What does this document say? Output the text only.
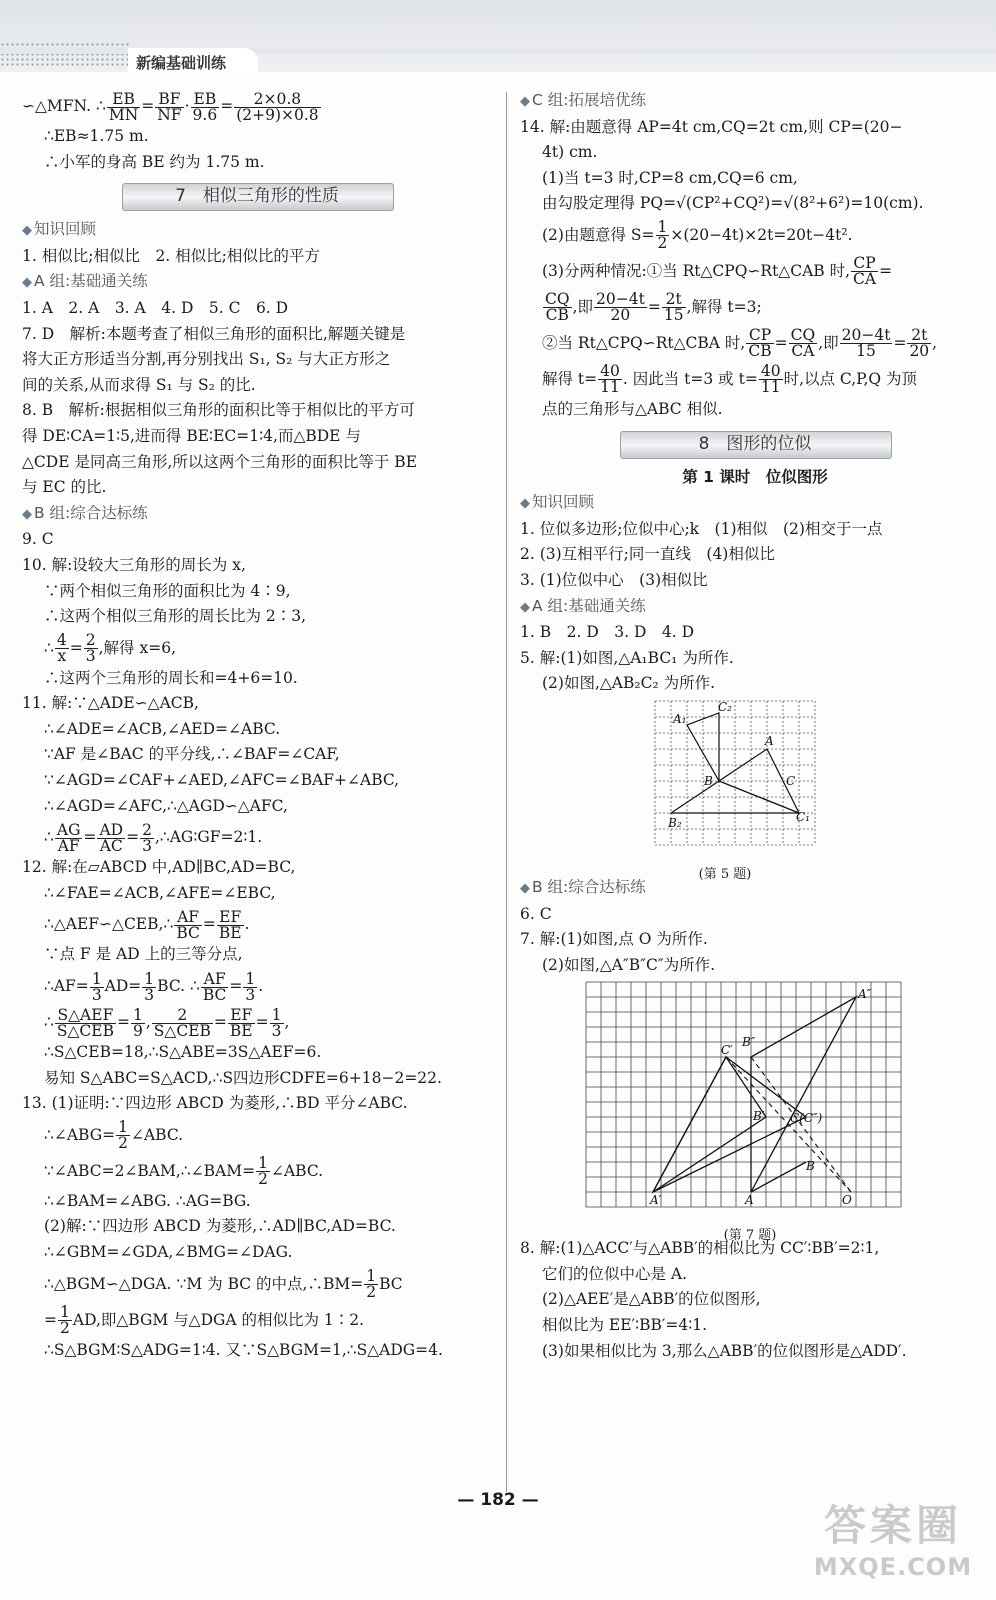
新编基础训练
∽△MFN. ∴ $\frac{EB}{MN} = \frac{BF}{NF} \cdot \frac{EB}{9.6} = \frac{2\times 0.8}{(2+9)\times 0.8}$
∴EB≈1.75 m.
∴小军的身高 BE 约为 1.75 m.
7　相似三角形的性质
◆ 知识回顾
1. 相似比;相似比　2. 相似比;相似比的平方
◆ A 组:基础通关练
1. A　2. A　3. A　4. D　5. C　6. D
7. D　解析:本题考查了相似三角形的面积比,解题关键是
将大正方形适当分割,再分别找出 S₁, S₂ 与大正方形之
间的关系,从而求得 S₁ 与 S₂ 的比.
8. B　解析:根据相似三角形的面积比等于相似比的平方可
得 DE∶CA=1∶5,进而得 BE∶EC=1∶4,而△BDE 与
△CDE 是同高三角形,所以这两个三角形的面积比等于 BE
与 EC 的比.
◆ B 组:综合达标练
9. C
10. 解:设较大三角形的周长为 x,
∵两个相似三角形的面积比为 4∶9,
∴这两个相似三角形的周长比为 2∶3,
∴ $\frac{4}{x} = \frac{2}{3}$ ,解得 x=6,
∴这两个三角形的周长和=4+6=10.
11. 解:∵△ADE∽△ACB,
∴∠ADE=∠ACB,∠AED=∠ABC.
∵AF 是∠BAC 的平分线,∴∠BAF=∠CAF,
∵∠AGD=∠CAF+∠AED,∠AFC=∠BAF+∠ABC,
∴∠AGD=∠AFC,∴△AGD∽△AFC,
∴ $\frac{AG}{AF} = \frac{AD}{AC} = \frac{2}{3}$ ,∴AG∶GF=2∶1.
12. 解:在▱ABCD 中,AD∥BC,AD=BC,
∴∠FAE=∠ACB,∠AFE=∠EBC,
∴△AEF∽△CEB,∴ $\frac{AF}{BC} = \frac{EF}{BE}$ .
∵点 F 是 AD 上的三等分点,
∴AF= $\frac{1}{3} AD= \frac{1}{3}$ BC. ∴ $\frac{AF}{BC} = \frac{1}{3}$ .
∴ $\frac{\text{S△AEF}}{\text{S△CEB}} = \frac{1}{9}$ , $\frac{2}{\text{S△CEB}} = \frac{EF}{BE} = \frac{1}{3}$ ,
∴S△CEB=18,∴S△ABE=3S△AEF=6.
易知 S△ABC=S△ACD,∴S四边形CDFE=6+18−2=22.
13. (1)证明:∵四边形 ABCD 为菱形,∴BD 平分∠ABC.
∴∠ABG= $\frac{1}{2}$ ∠ABC.
∵∠ABC=2∠BAM,∴∠BAM= $\frac{1}{2}$ ∠ABC.
∴∠BAM=∠ABG. ∴AG=BG.
(2)解:∵四边形 ABCD 为菱形,∴AD∥BC,AD=BC.
∴∠GBM=∠GDA,∠BMG=∠DAG.
∴△BGM∽△DGA. ∵M 为 BC 的中点,∴BM= $\frac{1}{2}$ BC
= $\frac{1}{2}$ AD,即△BGM 与△DGA 的相似比为 1∶2.
∴S△BGM∶S△ADG=1∶4. 又∵S△BGM=1,∴S△ADG=4.
◆ C 组:拓展培优练
14. 解:由题意得 AP=4t cm,CQ=2t cm,则 CP=(20−
4t) cm.
(1)当 t=3 时,CP=8 cm,CQ=6 cm,
由勾股定理得 PQ=√(CP²+CQ²)=√(8²+6²)=10(cm).
(2)由题意得 $S= \frac{1}{2} \times(20-4t)\times 2t=20t-4t^2$.
(3)分两种情况:①当 Rt△CPQ∽Rt△CAB 时, $\frac{CP}{CA}$ =
$\frac{CQ}{CB}$ ,即 $\frac{20-4t}{20} = \frac{2t}{15}$ ,解得 t=3;
②当 Rt△CPQ∽Rt△CBA 时, $\frac{CP}{CB} = \frac{CQ}{CA}$ ,即 $\frac{20-4t}{15} = \frac{2t}{20}$ ,
解得 $t= \frac{40}{11}$ . 因此当 t=3 或 $t= \frac{40}{11}$ 时,以点 C,P,Q 为顶
点的三角形与△ABC 相似.
8　图形的位似
第 1 课时　位似图形
◆ 知识回顾
1. 位似多边形;位似中心;k　(1)相似　(2)相交于一点
2. (3)互相平行;同一直线　(4)相似比
3. (1)位似中心　(3)相似比
◆ A 组:基础通关练
1. B　2. D　3. D　4. D
5. 解:(1)如图,△A₁BC₁ 为所作.
(2)如图,△AB₂C₂ 为所作.
C₂
A₁
A
B	C
B₂	C₁
(第 5 题)
◆ B 组:综合达标练
6. C
7. 解:(1)如图,点 O 为所作.
(2)如图,△A″B″C″为所作.
A″
B″
C′
B′ C(C″)
B
A′	A	O
(第 7 题)
8. 解:(1)△ACC′与△ABB′的相似比为 CC′∶BB′=2∶1,
它们的位似中心是 A.
(2)△AEE′是△ABB′的位似图形,
相似比为 EE′∶BB′=4∶1.
(3)如果相似比为 3,那么△ABB′的位似图形是△ADD′.
— 182 —
答案圈
MXQE.COM
